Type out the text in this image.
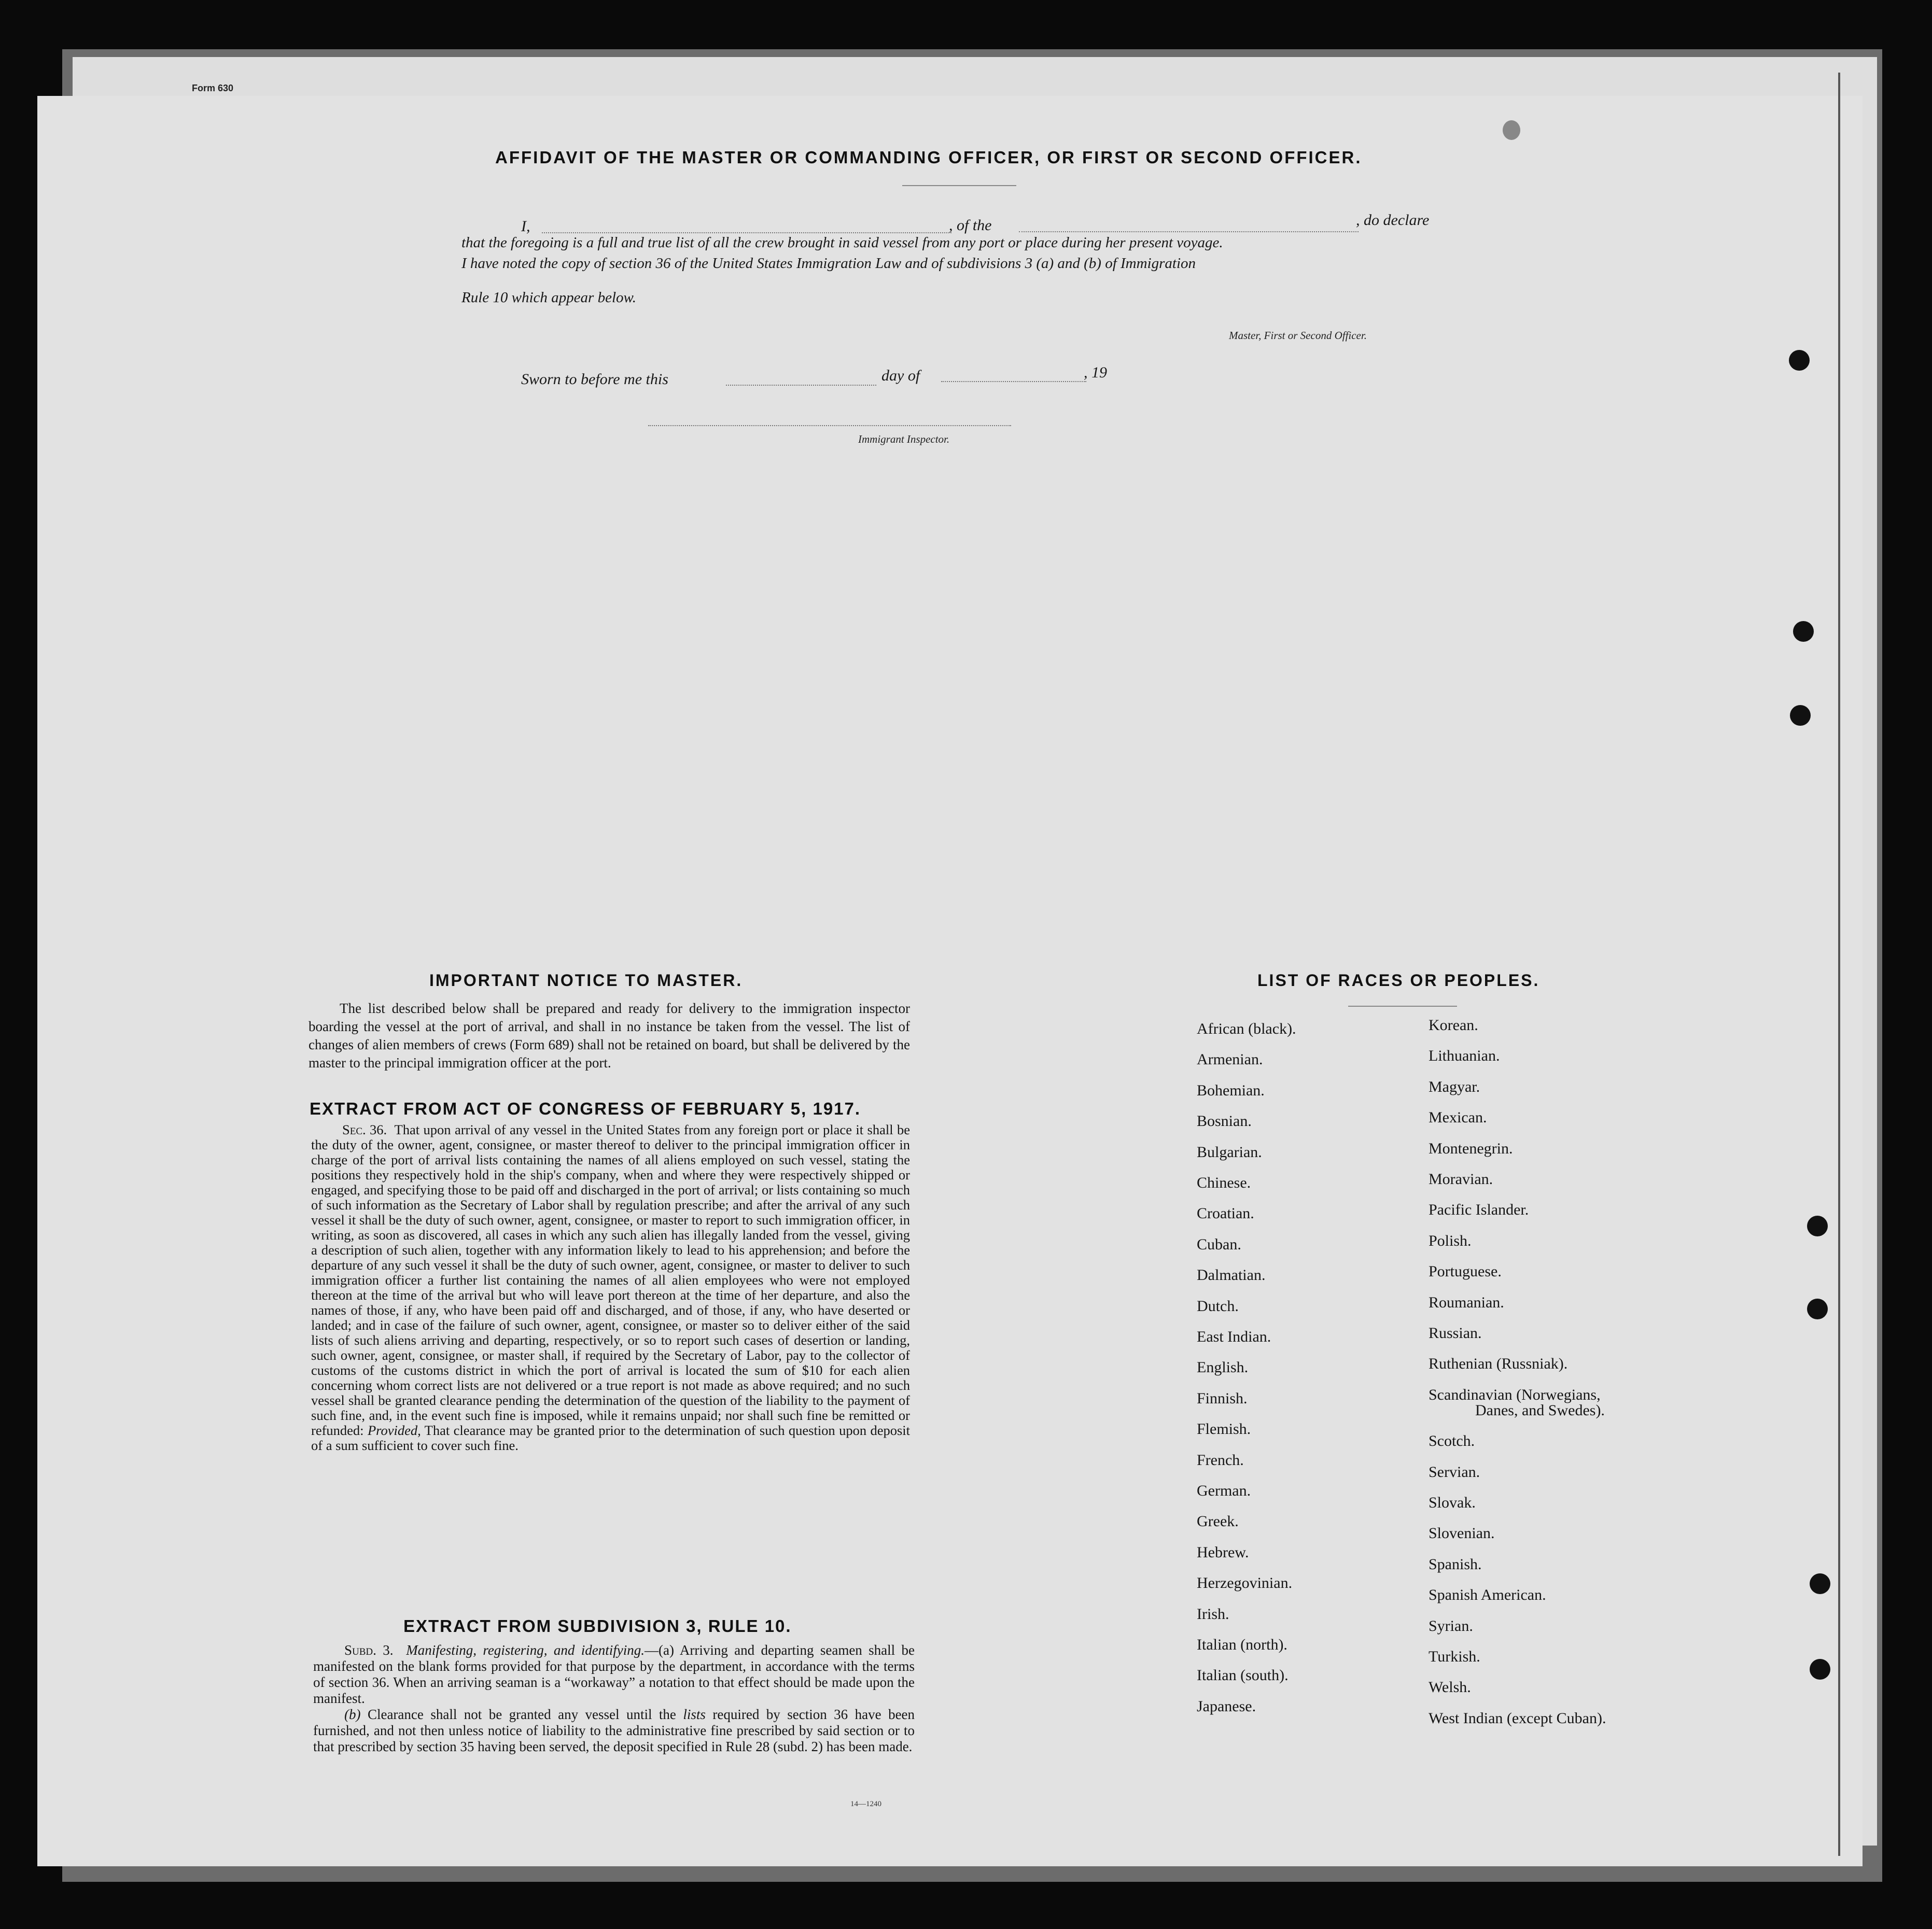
Form 630
AFFIDAVIT OF THE MASTER OR COMMANDING OFFICER, OR FIRST OR SECOND OFFICER.
I,	, of the	, do declare
that the foregoing is a full and true list of all the crew brought in said vessel from any port or place during her present voyage.
I have noted the copy of section 36 of the United States Immigration Law and of subdivisions 3 (a) and (b) of Immigration
Rule 10 which appear below.
Master, First or Second Officer.
Sworn to before me this	day of	, 19
Immigrant Inspector.
IMPORTANT NOTICE TO MASTER.

The list described below shall be prepared and ready for delivery to the immigration inspector boarding the vessel at the port of arrival, and shall in no instance be taken from the vessel. The list of changes of alien members of crews (Form 689) shall not be retained on board, but shall be delivered by the master to the principal immigration officer at the port.

EXTRACT FROM ACT OF CONGRESS OF FEBRUARY 5, 1917.

Sec. 36. That upon arrival of any vessel in the United States from any foreign port or place it shall be the duty of the owner, agent, consignee, or master thereof to deliver to the principal immigration officer in charge of the port of arrival lists containing the names of all aliens employed on such vessel, stating the positions they respectively hold in the ship's company, when and where they were respectively shipped or engaged, and specifying those to be paid off and discharged in the port of arrival; or lists containing so much of such information as the Secretary of Labor shall by regulation prescribe; and after the arrival of any such vessel it shall be the duty of such owner, agent, consignee, or master to report to such immigration officer, in writing, as soon as discovered, all cases in which any such alien has illegally landed from the vessel, giving a description of such alien, together with any information likely to lead to his apprehension; and before the departure of any such vessel it shall be the duty of such owner, agent, consignee, or master to deliver to such immigration officer a further list containing the names of all alien employees who were not employed thereon at the time of the arrival but who will leave port thereon at the time of her departure, and also the names of those, if any, who have been paid off and discharged, and of those, if any, who have deserted or landed; and in case of the failure of such owner, agent, consignee, or master so to deliver either of the said lists of such aliens arriving and departing, respectively, or so to report such cases of desertion or landing, such owner, agent, consignee, or master shall, if required by the Secretary of Labor, pay to the collector of customs of the customs district in which the port of arrival is located the sum of $10 for each alien concerning whom correct lists are not delivered or a true report is not made as above required; and no such vessel shall be granted clearance pending the determination of the question of the liability to the payment of such fine, and, in the event such fine is imposed, while it remains unpaid; nor shall such fine be remitted or refunded: Provided, That clearance may be granted prior to the determination of such question upon deposit of a sum sufficient to cover such fine.

EXTRACT FROM SUBDIVISION 3, RULE 10.

Subd. 3. Manifesting, registering, and identifying.—(a) Arriving and departing seamen shall be manifested on the blank forms provided for that purpose by the department, in accordance with the terms of section 36. When an arriving seaman is a “workaway” a notation to that effect should be made upon the manifest.

(b) Clearance shall not be granted any vessel until the lists required by section 36 have been furnished, and not then unless notice of liability to the administrative fine prescribed by said section or to that prescribed by section 35 having been served, the deposit specified in Rule 28 (subd. 2) has been made.

14—1240
LIST OF RACES OR PEOPLES.
African (black).
Armenian.
Bohemian.
Bosnian.
Bulgarian.
Chinese.
Croatian.
Cuban.
Dalmatian.
Dutch.
East Indian.
English.
Finnish.
Flemish.
French.
German.
Greek.
Hebrew.
Herzegovinian.
Irish.
Italian (north).
Italian (south).
Japanese.
Korean.
Lithuanian.
Magyar.
Mexican.
Montenegrin.
Moravian.
Pacific Islander.
Polish.
Portuguese.
Roumanian.
Russian.
Ruthenian (Russniak).
Scandinavian (Norwegians,
Danes, and Swedes).
Scotch.
Servian.
Slovak.
Slovenian.
Spanish.
Spanish American.
Syrian.
Turkish.
Welsh.
West Indian (except Cuban).
